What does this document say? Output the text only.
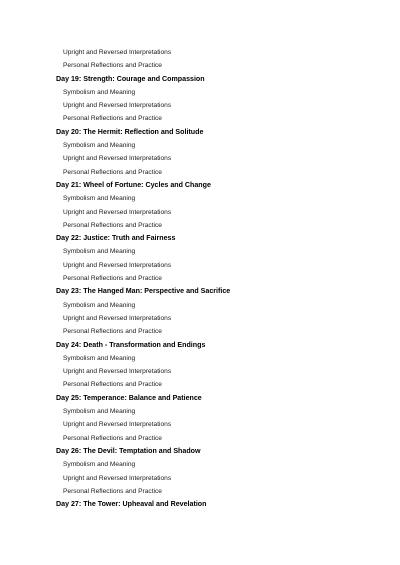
Upright and Reversed Interpretations
Personal Reflections and Practice
Day 19: Strength: Courage and Compassion
Symbolism and Meaning
Upright and Reversed Interpretations
Personal Reflections and Practice
Day 20: The Hermit: Reflection and Solitude
Symbolism and Meaning
Upright and Reversed Interpretations
Personal Reflections and Practice
Day 21: Wheel of Fortune: Cycles and Change
Symbolism and Meaning
Upright and Reversed Interpretations
Personal Reflections and Practice
Day 22: Justice: Truth and Fairness
Symbolism and Meaning
Upright and Reversed Interpretations
Personal Reflections and Practice
Day 23: The Hanged Man: Perspective and Sacrifice
Symbolism and Meaning
Upright and Reversed Interpretations
Personal Reflections and Practice
Day 24: Death - Transformation and Endings
Symbolism and Meaning
Upright and Reversed Interpretations
Personal Reflections and Practice
Day 25: Temperance: Balance and Patience
Symbolism and Meaning
Upright and Reversed Interpretations
Personal Reflections and Practice
Day 26: The Devil: Temptation and Shadow
Symbolism and Meaning
Upright and Reversed Interpretations
Personal Reflections and Practice
Day 27: The Tower: Upheaval and Revelation
